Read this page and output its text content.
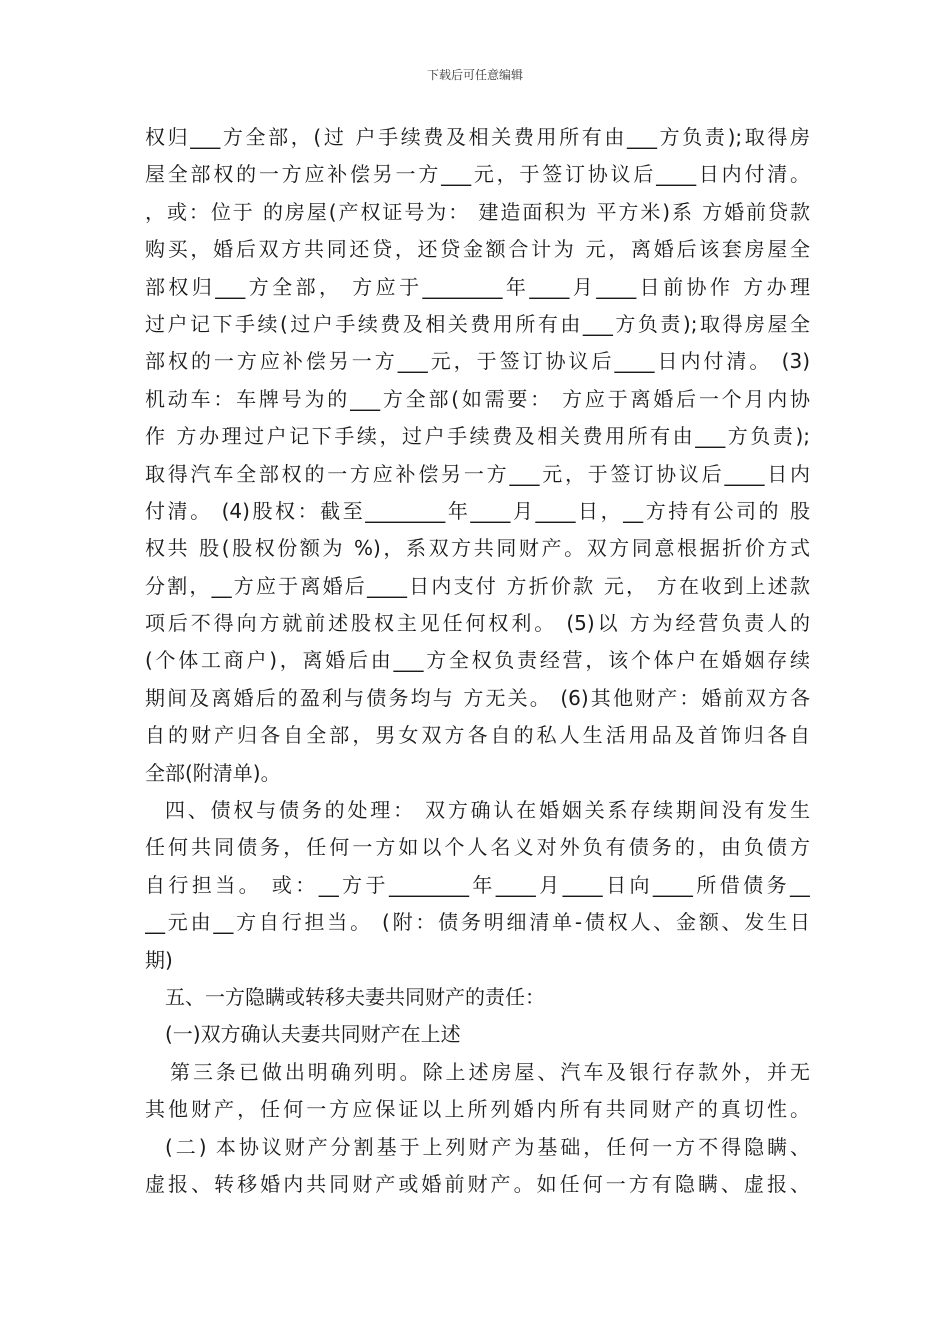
下载后可任意编辑
权归___方全部，(过 户手续费及相关费用所有由___方负责);取得房
屋全部权的一方应补偿另一方___元，于签订协议后____日内付清。
，或：位于 的房屋(产权证号为： 建造面积为 平方米)系 方婚前贷款
购买，婚后双方共同还贷，还贷金额合计为 元，离婚后该套房屋全
部权归___方全部， 方应于________年____月____日前协作 方办理
过户记下手续(过户手续费及相关费用所有由___方负责);取得房屋全
部权的一方应补偿另一方___元，于签订协议后____日内付清。 (3)
机动车：车牌号为的___方全部(如需要： 方应于离婚后一个月内协
作 方办理过户记下手续，过户手续费及相关费用所有由___方负责);
取得汽车全部权的一方应补偿另一方___元，于签订协议后____日内
付清。 (4)股权：截至________年____月____日，__方持有公司的 股
权共 股(股权份额为 %)，系双方共同财产。双方同意根据折价方式
分割，__方应于离婚后____日内支付 方折价款 元， 方在收到上述款
项后不得向方就前述股权主见任何权利。 (5)以 方为经营负责人的
(个体工商户)，离婚后由___方全权负责经营，该个体户在婚姻存续
期间及离婚后的盈利与债务均与 方无关。 (6)其他财产：婚前双方各
自的财产归各自全部，男女双方各自的私人生活用品及首饰归各自
全部(附清单)。
四、债权与债务的处理： 双方确认在婚姻关系存续期间没有发生
任何共同债务，任何一方如以个人名义对外负有债务的，由负债方
自行担当。 或：__方于________年____月____日向____所借债务__
__元由__方自行担当。 (附：债务明细清单-债权人、金额、发生日
期)
五、一方隐瞒或转移夫妻共同财产的责任：
(一)双方确认夫妻共同财产在上述
第三条已做出明确列明。除上述房屋、汽车及银行存款外，并无
其他财产，任何一方应保证以上所列婚内所有共同财产的真切性。
(二) 本协议财产分割基于上列财产为基础，任何一方不得隐瞒、
虚报、转移婚内共同财产或婚前财产。如任何一方有隐瞒、虚报、
